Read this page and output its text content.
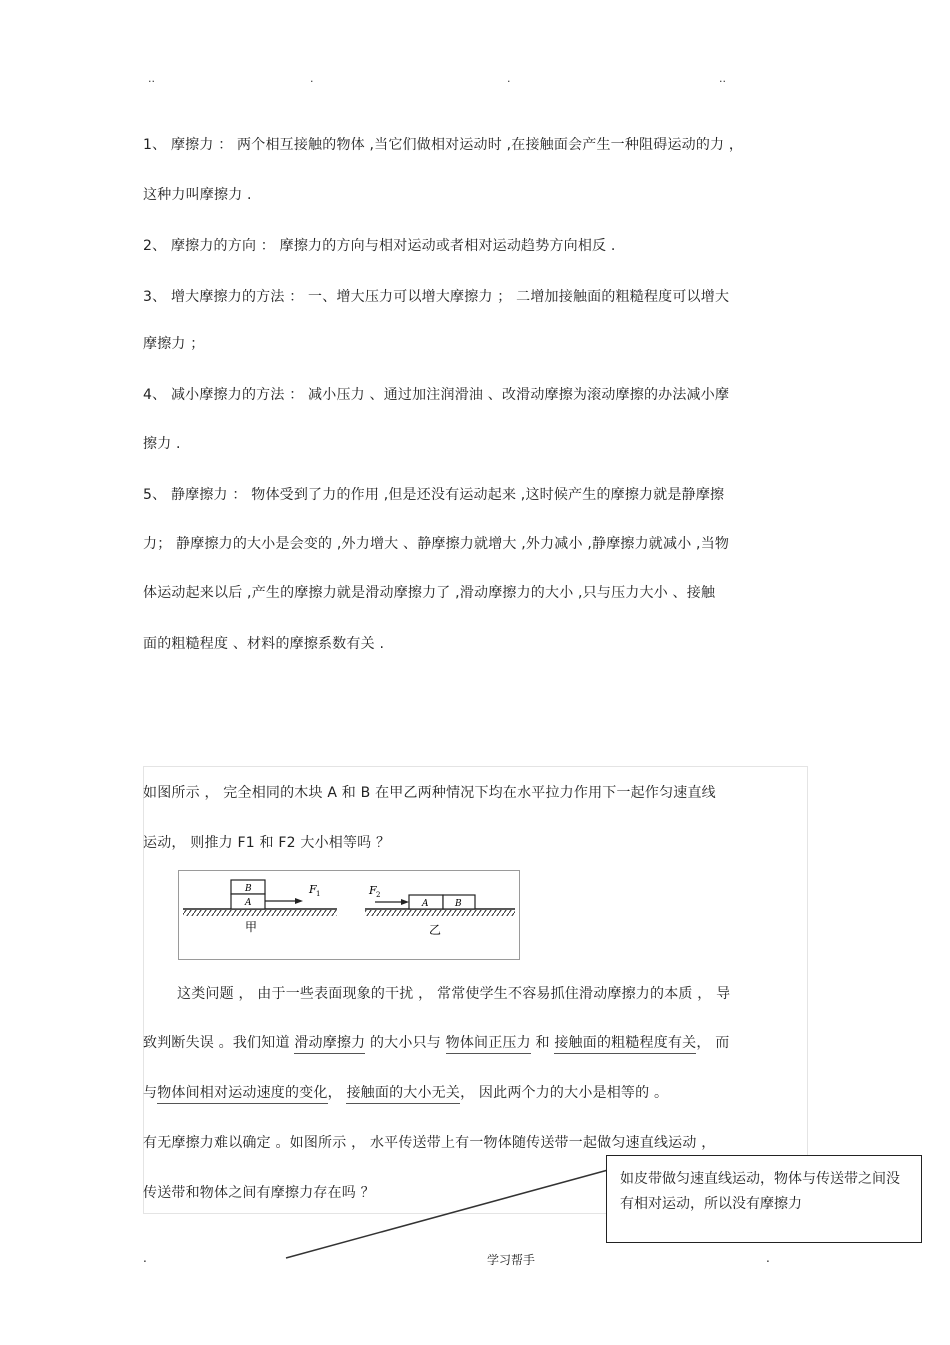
..	.	.	..
1、 摩擦力 ： 两个相互接触的物体 ,当它们做相对运动时 ,在接触面会产生一种阻碍运动的力 ，
这种力叫摩擦力 .
2、 摩擦力的方向 ： 摩擦力的方向与相对运动或者相对运动趋势方向相反 .
3、 增大摩擦力的方法 ： 一、增大压力可以增大摩擦力 ； 二增加接触面的粗糙程度可以增大
摩擦力 ；
4、 减小摩擦力的方法 ： 减小压力 、通过加注润滑油 、改滑动摩擦为滚动摩擦的办法减小摩
擦力 .
5、 静摩擦力 ： 物体受到了力的作用 ,但是还没有运动起来 ,这时候产生的摩擦力就是静摩擦
力； 静摩擦力的大小是会变的 ,外力增大 、静摩擦力就增大 ,外力减小 ,静摩擦力就减小 ,当物
体运动起来以后 ,产生的摩擦力就是滑动摩擦力了 ,滑动摩擦力的大小 ,只与压力大小 、接触
面的粗糙程度 、材料的摩擦系数有关 .
如图所示 ， 完全相同的木块 A 和 B 在甲乙两种情况下均在水平拉力作用下一起作匀速直线
运动， 则推力 F1 和 F2 大小相等吗 ？
B
A
F 1
甲
A	B
F 2
乙
这类问题 ， 由于一些表面现象的干扰 ， 常常使学生不容易抓住滑动摩擦力的本质 ， 导
致判断失误 。我们知道 滑动摩擦力 的大小只与 物体间正压力 和 接触面的粗糙程度有关， 而
与物体间相对运动速度的变化， 接触面的大小无关， 因此两个力的大小是相等的 。
有无摩擦力难以确定 。如图所示 ， 水平传送带上有一物体随传送带一起做匀速直线运动 ，
传送带和物体之间有摩擦力存在吗 ？
如皮带做匀速直线运动，物体与传送带之间没有相对运动，所以没有摩擦力
.	学习帮手	.
